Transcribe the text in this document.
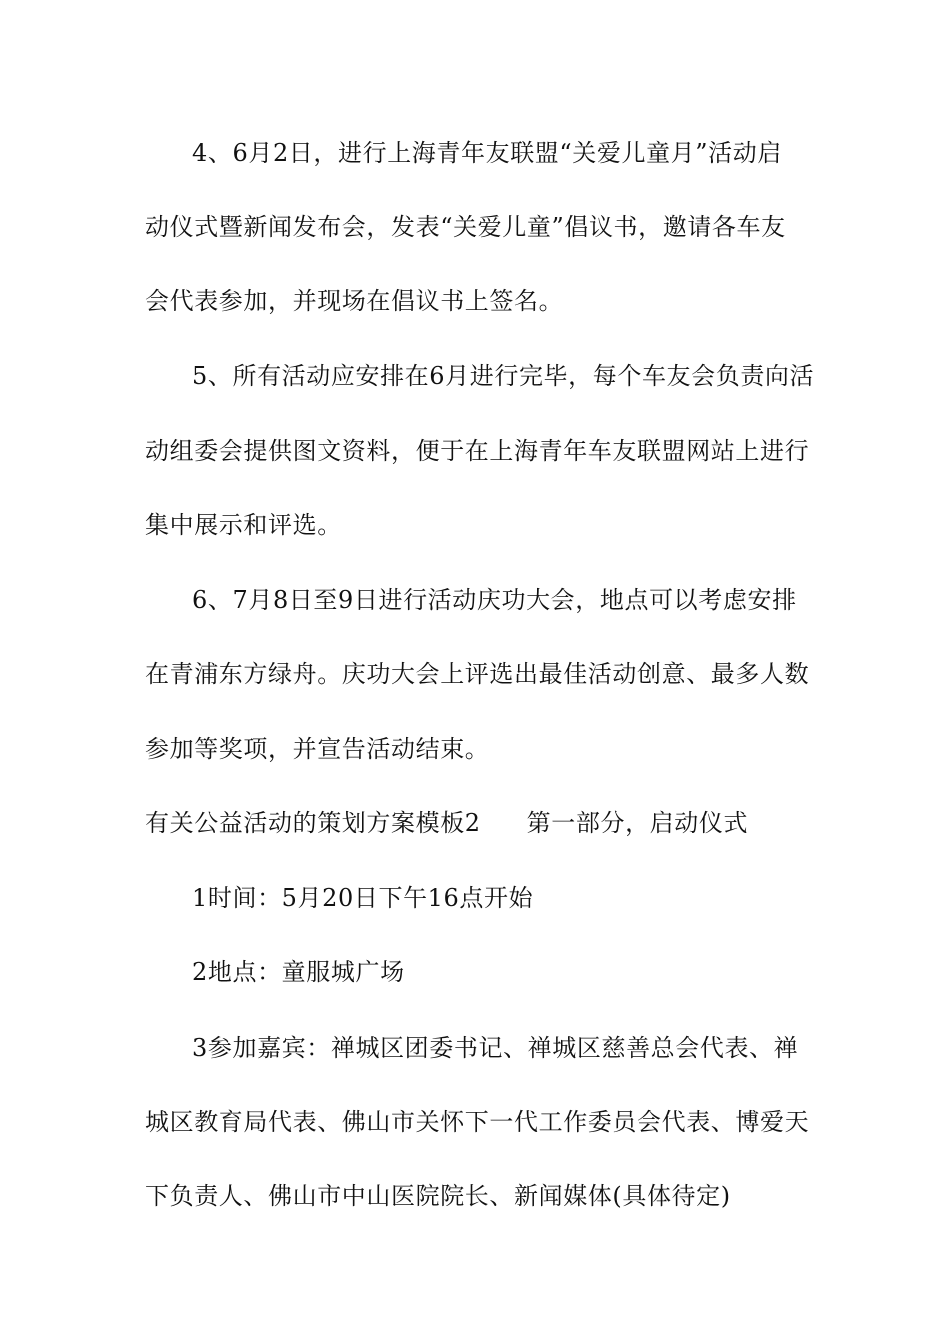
4、6月2日，进行上海青年友联盟“关爱儿童月”活动启
动仪式暨新闻发布会，发表“关爱儿童”倡议书，邀请各车友
会代表参加，并现场在倡议书上签名。
5、所有活动应安排在6月进行完毕，每个车友会负责向活
动组委会提供图文资料，便于在上海青年车友联盟网站上进行
集中展示和评选。
6、7月8日至9日进行活动庆功大会，地点可以考虑安排
在青浦东方绿舟。庆功大会上评选出最佳活动创意、最多人数
参加等奖项，并宣告活动结束。
有关公益活动的策划方案模板2 第一部分，启动仪式
1时间：5月20日下午16点开始
2地点：童服城广场
3参加嘉宾：禅城区团委书记、禅城区慈善总会代表、禅
城区教育局代表、佛山市关怀下一代工作委员会代表、博爱天
下负责人、佛山市中山医院院长、新闻媒体(具体待定)
